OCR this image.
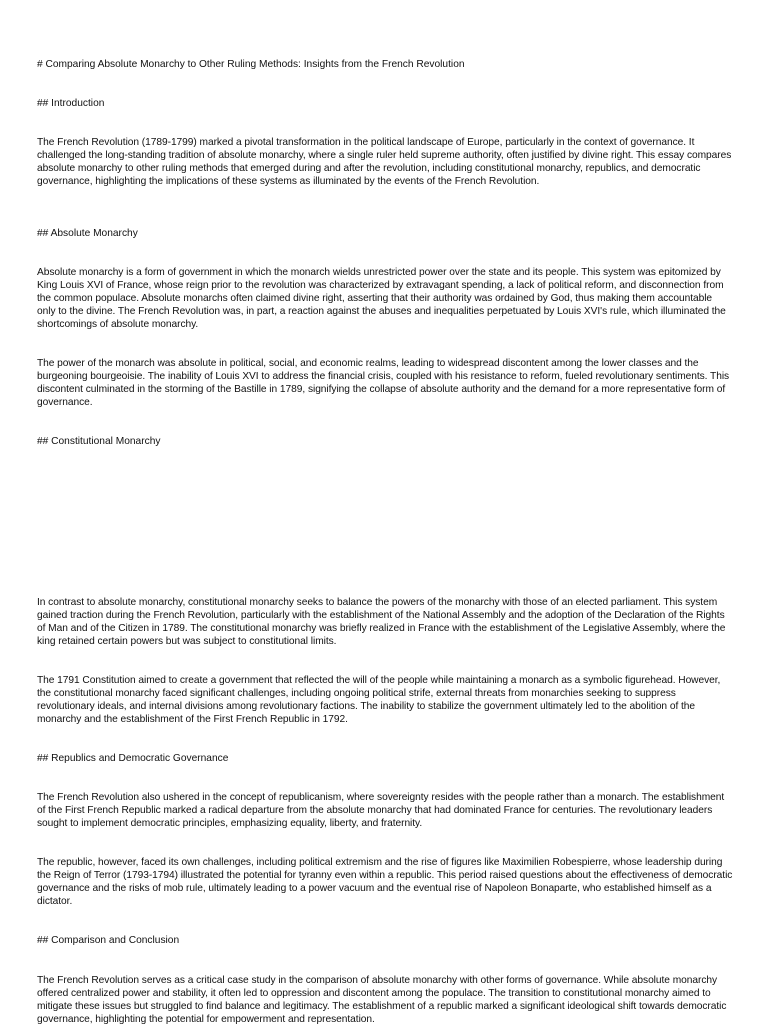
# Comparing Absolute Monarchy to Other Ruling Methods: Insights from the French Revolution

## Introduction

The French Revolution (1789-1799) marked a pivotal transformation in the political landscape of Europe, particularly in the context of governance. It challenged the long-standing tradition of absolute monarchy, where a single ruler held supreme authority, often justified by divine right. This essay compares absolute monarchy to other ruling methods that emerged during and after the revolution, including constitutional monarchy, republics, and democratic governance, highlighting the implications of these systems as illuminated by the events of the French Revolution.

## Absolute Monarchy

Absolute monarchy is a form of government in which the monarch wields unrestricted power over the state and its people. This system was epitomized by King Louis XVI of France, whose reign prior to the revolution was characterized by extravagant spending, a lack of political reform, and disconnection from the common populace. Absolute monarchs often claimed divine right, asserting that their authority was ordained by God, thus making them accountable only to the divine. The French Revolution was, in part, a reaction against the abuses and inequalities perpetuated by Louis XVI's rule, which illuminated the shortcomings of absolute monarchy.

The power of the monarch was absolute in political, social, and economic realms, leading to widespread discontent among the lower classes and the burgeoning bourgeoisie. The inability of Louis XVI to address the financial crisis, coupled with his resistance to reform, fueled revolutionary sentiments. This discontent culminated in the storming of the Bastille in 1789, signifying the collapse of absolute authority and the demand for a more representative form of governance.

## Constitutional Monarchy

In contrast to absolute monarchy, constitutional monarchy seeks to balance the powers of the monarchy with those of an elected parliament. This system gained traction during the French Revolution, particularly with the establishment of the National Assembly and the adoption of the Declaration of the Rights of Man and of the Citizen in 1789. The constitutional monarchy was briefly realized in France with the establishment of the Legislative Assembly, where the king retained certain powers but was subject to constitutional limits.

The 1791 Constitution aimed to create a government that reflected the will of the people while maintaining a monarch as a symbolic figurehead. However, the constitutional monarchy faced significant challenges, including ongoing political strife, external threats from monarchies seeking to suppress revolutionary ideals, and internal divisions among revolutionary factions. The inability to stabilize the government ultimately led to the abolition of the monarchy and the establishment of the First French Republic in 1792.

## Republics and Democratic Governance

The French Revolution also ushered in the concept of republicanism, where sovereignty resides with the people rather than a monarch. The establishment of the First French Republic marked a radical departure from the absolute monarchy that had dominated France for centuries. The revolutionary leaders sought to implement democratic principles, emphasizing equality, liberty, and fraternity.

The republic, however, faced its own challenges, including political extremism and the rise of figures like Maximilien Robespierre, whose leadership during the Reign of Terror (1793-1794) illustrated the potential for tyranny even within a republic. This period raised questions about the effectiveness of democratic governance and the risks of mob rule, ultimately leading to a power vacuum and the eventual rise of Napoleon Bonaparte, who established himself as a dictator.

## Comparison and Conclusion

The French Revolution serves as a critical case study in the comparison of absolute monarchy with other forms of governance. While absolute monarchy offered centralized power and stability, it often led to oppression and discontent among the populace. The transition to constitutional monarchy aimed to mitigate these issues but struggled to find balance and legitimacy. The establishment of a republic marked a significant ideological shift towards democratic governance, highlighting the potential for empowerment and representation.
